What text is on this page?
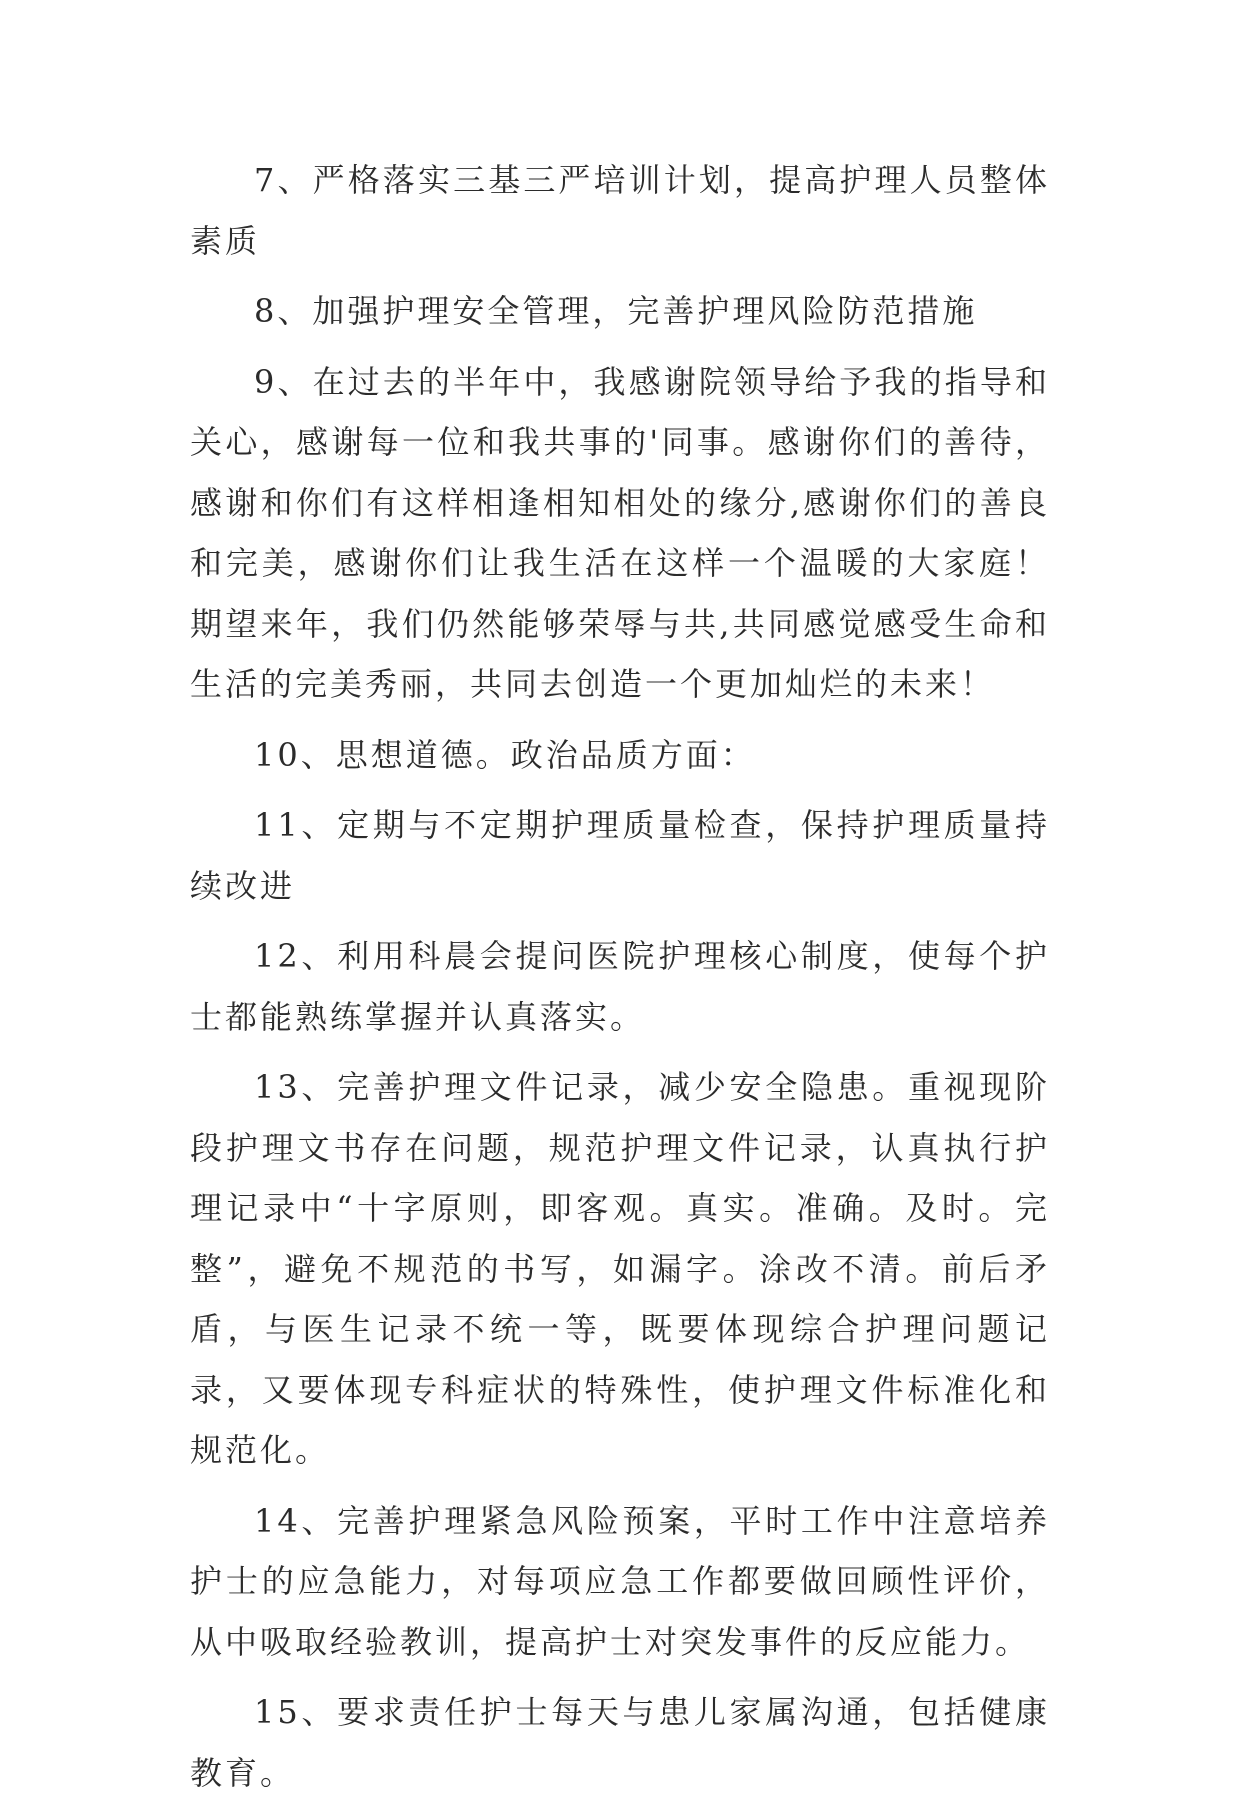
7、严格落实三基三严培训计划，提高护理人员整体素质

8、加强护理安全管理，完善护理风险防范措施

9、在过去的半年中，我感谢院领导给予我的指导和关心，感谢每一位和我共事的'同事。感谢你们的善待，感谢和你们有这样相逢相知相处的缘分,感谢你们的善良和完美，感谢你们让我生活在这样一个温暖的大家庭！期望来年，我们仍然能够荣辱与共,共同感觉感受生命和生活的完美秀丽，共同去创造一个更加灿烂的未来！

10、思想道德。政治品质方面：

11、定期与不定期护理质量检查，保持护理质量持续改进

12、利用科晨会提问医院护理核心制度，使每个护士都能熟练掌握并认真落实。

13、完善护理文件记录，减少安全隐患。重视现阶段护理文书存在问题，规范护理文件记录，认真执行护理记录中“十字原则，即客观。真实。准确。及时。完整”，避免不规范的书写，如漏字。涂改不清。前后矛盾，与医生记录不统一等，既要体现综合护理问题记录，又要体现专科症状的特殊性，使护理文件标准化和规范化。

14、完善护理紧急风险预案，平时工作中注意培养护士的应急能力，对每项应急工作都要做回顾性评价，从中吸取经验教训，提高护士对突发事件的反应能力。

15、要求责任护士每天与患儿家属沟通，包括健康教育。
